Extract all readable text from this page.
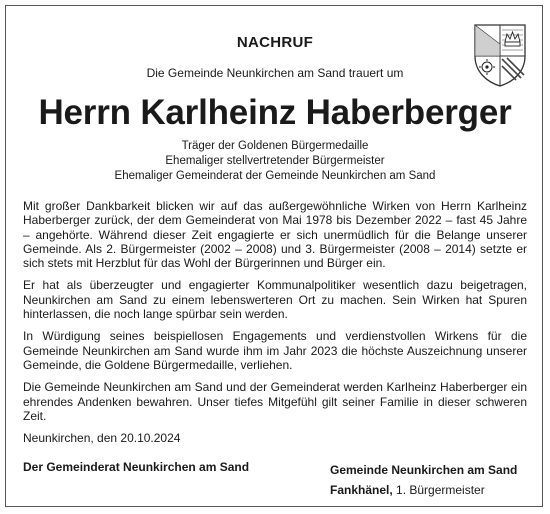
NACHRUF
Die Gemeinde Neunkirchen am Sand trauert um
Herrn Karlheinz Haberberger
Träger der Goldenen Bürgermedaille
Ehemaliger stellvertretender Bürgermeister
Ehemaliger Gemeinderat der Gemeinde Neunkirchen am Sand

Mit großer Dankbarkeit blicken wir auf das außergewöhnliche Wirken von Herrn Karlheinz Haberberger zurück, der dem Gemeinderat von Mai 1978 bis Dezember 2022 – fast 45 Jahre – angehörte. Während dieser Zeit engagierte er sich unermüdlich für die Belange unserer Gemeinde. Als 2. Bürgermeister (2002 – 2008) und 3. Bürgermeister (2008 – 2014) setzte er sich stets mit Herzblut für das Wohl der Bürgerinnen und Bürger ein.

Er hat als überzeugter und engagierter Kommunalpolitiker wesentlich dazu beigetragen, Neunkirchen am Sand zu einem lebenswerteren Ort zu machen. Sein Wirken hat Spuren hinterlassen, die noch lange spürbar sein werden.

In Würdigung seines beispiellosen Engagements und verdienstvollen Wirkens für die Gemeinde Neunkirchen am Sand wurde ihm im Jahr 2023 die höchste Auszeichnung unserer Gemeinde, die Goldene Bürgermedaille, verliehen.

Die Gemeinde Neunkirchen am Sand und der Gemeinderat werden Karlheinz Haberberger ein ehrendes Andenken bewahren. Unser tiefes Mitgefühl gilt seiner Familie in dieser schweren Zeit.

Neunkirchen, den 20.10.2024
Der Gemeinderat Neunkirchen am Sand	Gemeinde Neunkirchen am Sand
Fankhänel, 1. Bürgermeister
